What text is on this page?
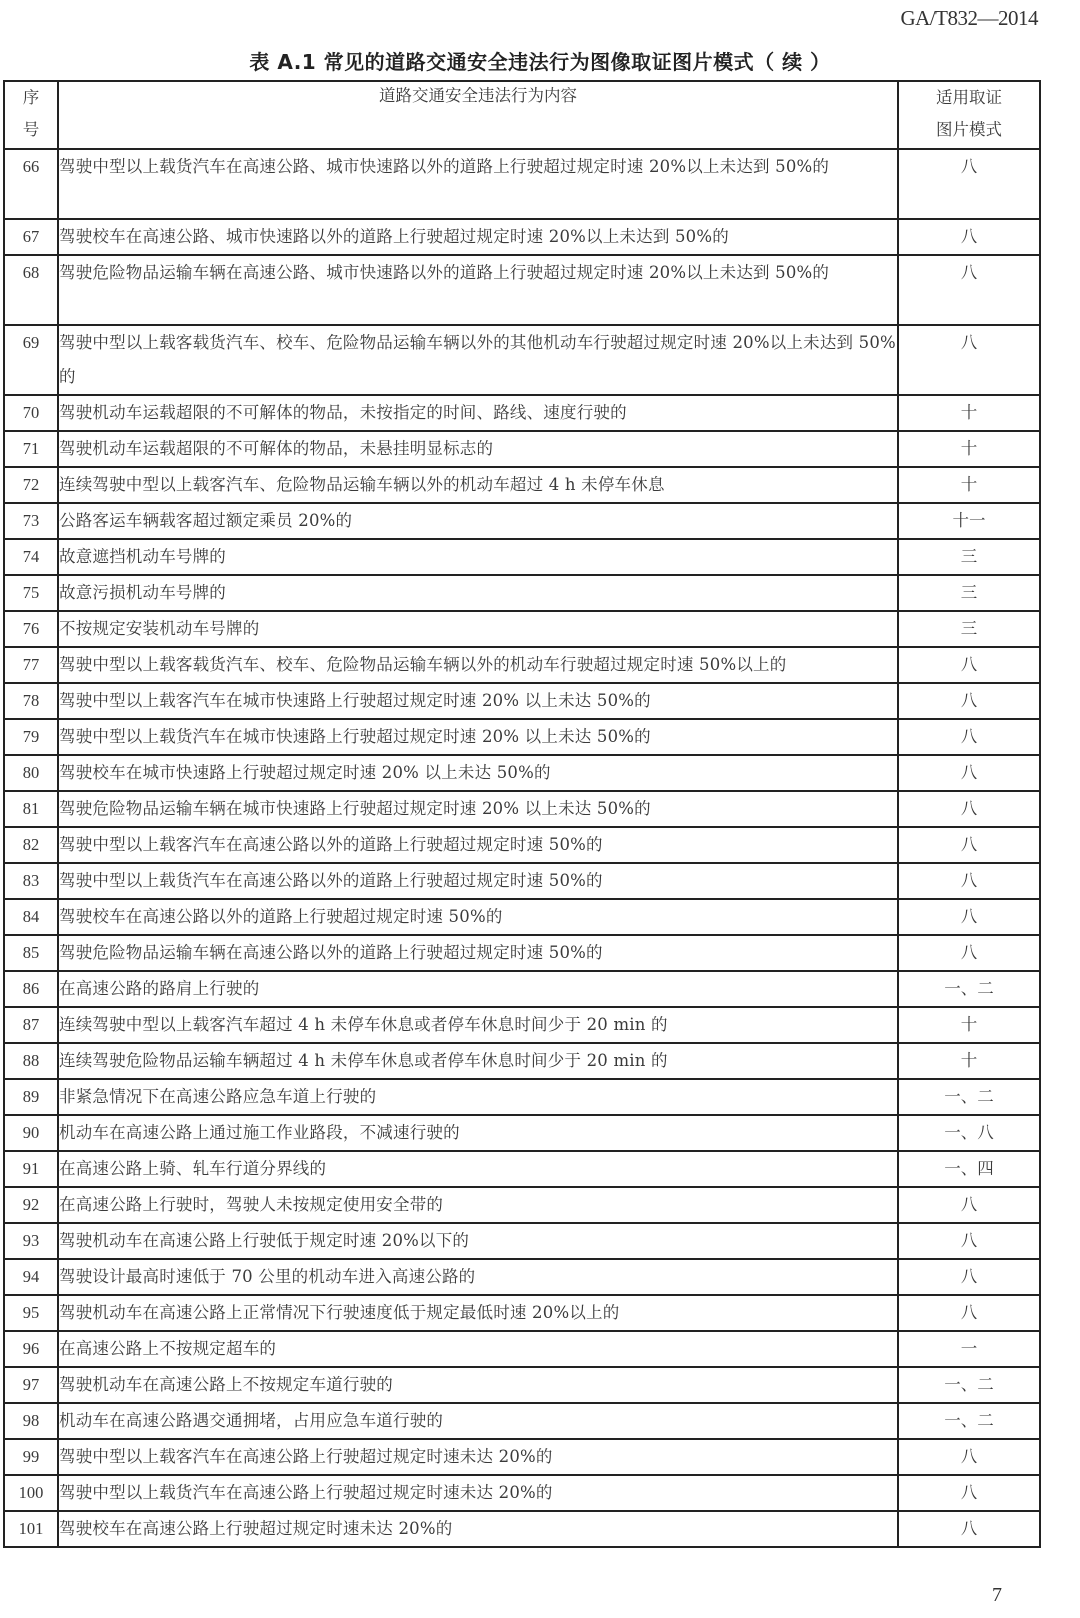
GA/T832—2014
表 A.1 常见的道路交通安全违法行为图像取证图片模式（ 续 ）
序
号
	道路交通安全违法行为内容	适用取证
图片模式

66	驾驶中型以上载货汽车在高速公路、城市快速路以外的道路上行驶超过规定时速 20%以上未达到 50%的	八
67	驾驶校车在高速公路、城市快速路以外的道路上行驶超过规定时速 20%以上未达到 50%的	八
68	驾驶危险物品运输车辆在高速公路、城市快速路以外的道路上行驶超过规定时速 20%以上未达到 50%的	八
69	驾驶中型以上载客载货汽车、校车、危险物品运输车辆以外的其他机动车行驶超过规定时速 20%以上未达到 50%的	八
70	驾驶机动车运载超限的不可解体的物品，未按指定的时间、路线、速度行驶的	十
71	驾驶机动车运载超限的不可解体的物品，未悬挂明显标志的	十
72	连续驾驶中型以上载客汽车、危险物品运输车辆以外的机动车超过 4 h 未停车休息	十
73	公路客运车辆载客超过额定乘员 20%的	十一
74	故意遮挡机动车号牌的	三
75	故意污损机动车号牌的	三
76	不按规定安装机动车号牌的	三
77	驾驶中型以上载客载货汽车、校车、危险物品运输车辆以外的机动车行驶超过规定时速 50%以上的	八
78	驾驶中型以上载客汽车在城市快速路上行驶超过规定时速 20% 以上未达 50%的	八
79	驾驶中型以上载货汽车在城市快速路上行驶超过规定时速 20% 以上未达 50%的	八
80	驾驶校车在城市快速路上行驶超过规定时速 20% 以上未达 50%的	八
81	驾驶危险物品运输车辆在城市快速路上行驶超过规定时速 20% 以上未达 50%的	八
82	驾驶中型以上载客汽车在高速公路以外的道路上行驶超过规定时速 50%的	八
83	驾驶中型以上载货汽车在高速公路以外的道路上行驶超过规定时速 50%的	八
84	驾驶校车在高速公路以外的道路上行驶超过规定时速 50%的	八
85	驾驶危险物品运输车辆在高速公路以外的道路上行驶超过规定时速 50%的	八
86	在高速公路的路肩上行驶的	一、二
87	连续驾驶中型以上载客汽车超过 4 h 未停车休息或者停车休息时间少于 20 min 的	十
88	连续驾驶危险物品运输车辆超过 4 h 未停车休息或者停车休息时间少于 20 min 的	十
89	非紧急情况下在高速公路应急车道上行驶的	一、二
90	机动车在高速公路上通过施工作业路段，不减速行驶的	一、八
91	在高速公路上骑、轧车行道分界线的	一、四
92	在高速公路上行驶时，驾驶人未按规定使用安全带的	八
93	驾驶机动车在高速公路上行驶低于规定时速 20%以下的	八
94	驾驶设计最高时速低于 70 公里的机动车进入高速公路的	八
95	驾驶机动车在高速公路上正常情况下行驶速度低于规定最低时速 20%以上的	八
96	在高速公路上不按规定超车的	一
97	驾驶机动车在高速公路上不按规定车道行驶的	一、二
98	机动车在高速公路遇交通拥堵，占用应急车道行驶的	一、二
99	驾驶中型以上载客汽车在高速公路上行驶超过规定时速未达 20%的	八
100	驾驶中型以上载货汽车在高速公路上行驶超过规定时速未达 20%的	八
101	驾驶校车在高速公路上行驶超过规定时速未达 20%的	八
7
